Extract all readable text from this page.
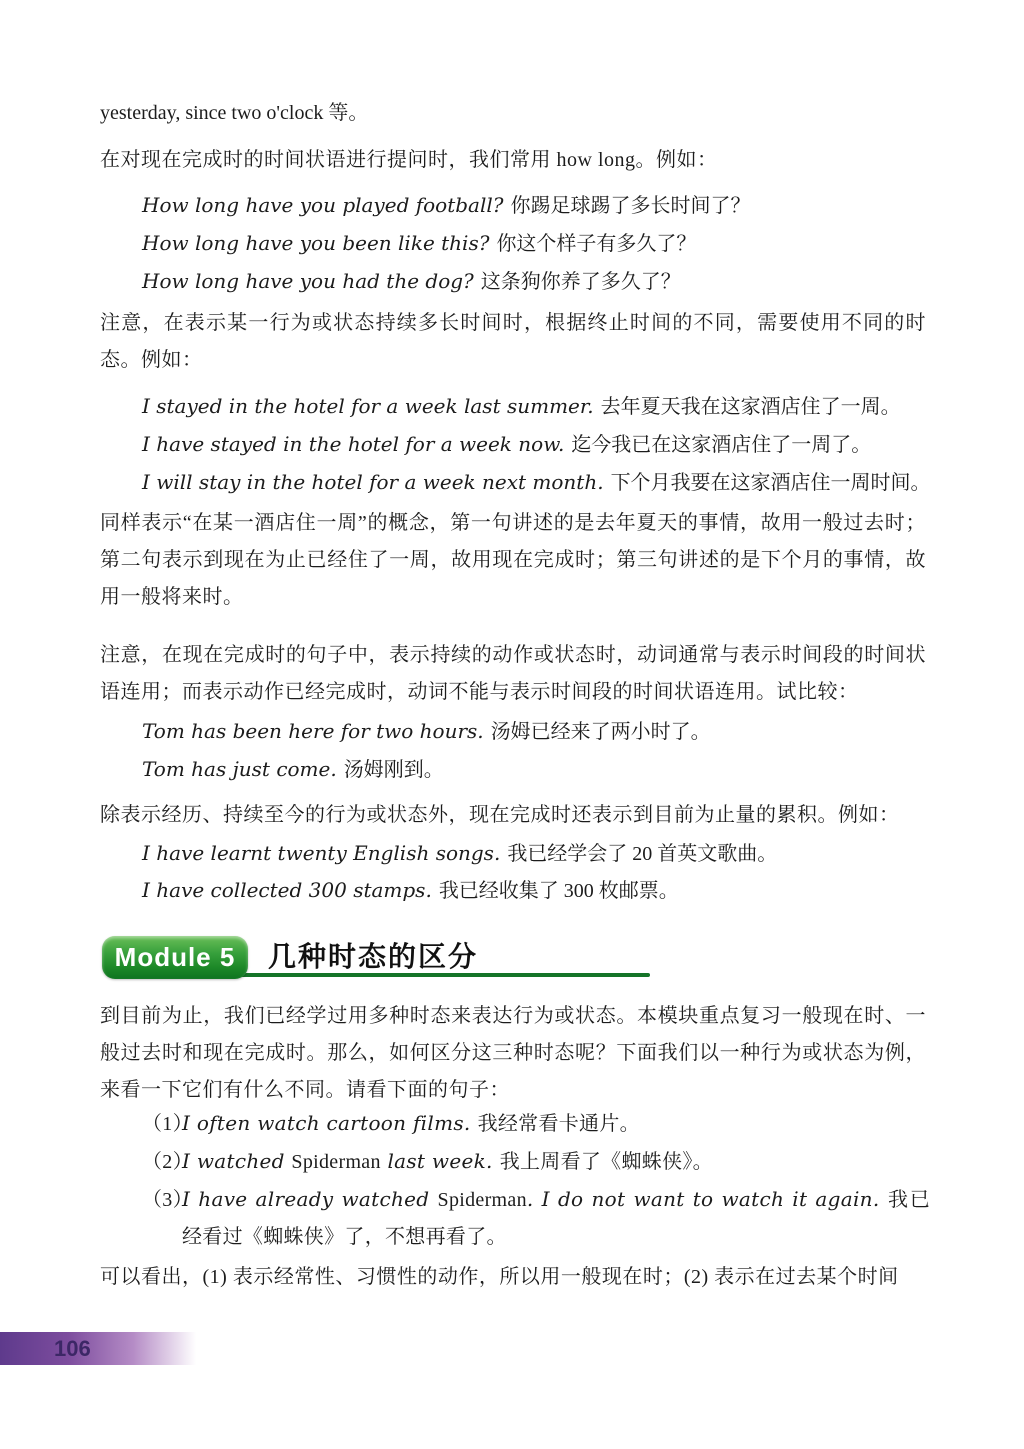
yesterday, since two o'clock 等。
在对现在完成时的时间状语进行提问时，我们常用 how long。例如：
How long have you played football? 你踢足球踢了多长时间了？
How long have you been like this? 你这个样子有多久了？
How long have you had the dog? 这条狗你养了多久了？
注意，在表示某一行为或状态持续多长时间时，根据终止时间的不同，需要使用不同的时态。例如：
I stayed in the hotel for a week last summer. 去年夏天我在这家酒店住了一周。
I have stayed in the hotel for a week now. 迄今我已在这家酒店住了一周了。
I will stay in the hotel for a week next month. 下个月我要在这家酒店住一周时间。
同样表示“在某一酒店住一周”的概念，第一句讲述的是去年夏天的事情，故用一般过去时；第二句表示到现在为止已经住了一周，故用现在完成时；第三句讲述的是下个月的事情，故用一般将来时。
注意，在现在完成时的句子中，表示持续的动作或状态时，动词通常与表示时间段的时间状语连用；而表示动作已经完成时，动词不能与表示时间段的时间状语连用。试比较：
Tom has been here for two hours. 汤姆已经来了两小时了。
Tom has just come. 汤姆刚到。
除表示经历、持续至今的行为或状态外，现在完成时还表示到目前为止量的累积。例如：
I have learnt twenty English songs. 我已经学会了 20 首英文歌曲。
I have collected 300 stamps. 我已经收集了 300 枚邮票。
Module 5	几种时态的区分
到目前为止，我们已经学过用多种时态来表达行为或状态。本模块重点复习一般现在时、一般过去时和现在完成时。那么，如何区分这三种时态呢？下面我们以一种行为或状态为例，来看一下它们有什么不同。请看下面的句子：
（1）I often watch cartoon films. 我经常看卡通片。
（2）I watched Spiderman last week. 我上周看了《蜘蛛侠》。
（3）I have already watched Spiderman. I do not want to watch it again. 我已经看过《蜘蛛侠》了，不想再看了。
可以看出，(1) 表示经常性、习惯性的动作，所以用一般现在时；(2) 表示在过去某个时间
106
